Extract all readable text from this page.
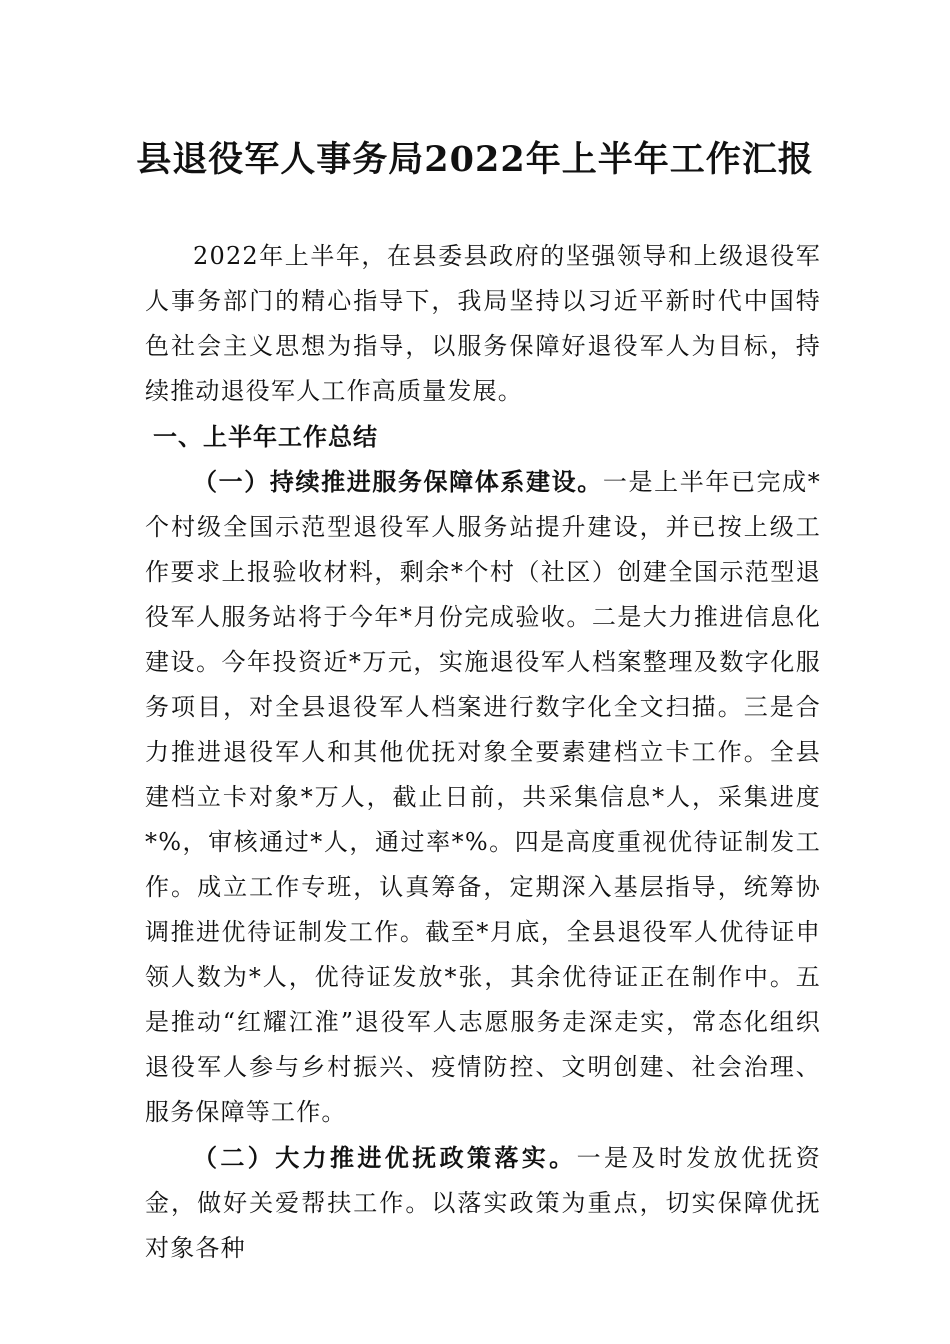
县退役军人事务局2022年上半年工作汇报

2022年上半年，在县委县政府的坚强领导和上级退役军人事务部门的精心指导下，我局坚持以习近平新时代中国特色社会主义思想为指导，以服务保障好退役军人为目标，持续推动退役军人工作高质量发展。

一、上半年工作总结

（一）持续推进服务保障体系建设。一是上半年已完成*个村级全国示范型退役军人服务站提升建设，并已按上级工作要求上报验收材料，剩余*个村（社区）创建全国示范型退役军人服务站将于今年*月份完成验收。二是大力推进信息化建设。今年投资近*万元，实施退役军人档案整理及数字化服务项目，对全县退役军人档案进行数字化全文扫描。三是合力推进退役军人和其他优抚对象全要素建档立卡工作。全县建档立卡对象*万人，截止日前，共采集信息*人，采集进度*%，审核通过*人，通过率*%。四是高度重视优待证制发工作。成立工作专班，认真筹备，定期深入基层指导，统筹协调推进优待证制发工作。截至*月底，全县退役军人优待证申领人数为*人，优待证发放*张，其余优待证正在制作中。五是推动“红耀江淮”退役军人志愿服务走深走实，常态化组织退役军人参与乡村振兴、疫情防控、文明创建、社会治理、服务保障等工作。

（二）大力推进优抚政策落实。一是及时发放优抚资金，做好关爱帮扶工作。以落实政策为重点，切实保障优抚对象各种
